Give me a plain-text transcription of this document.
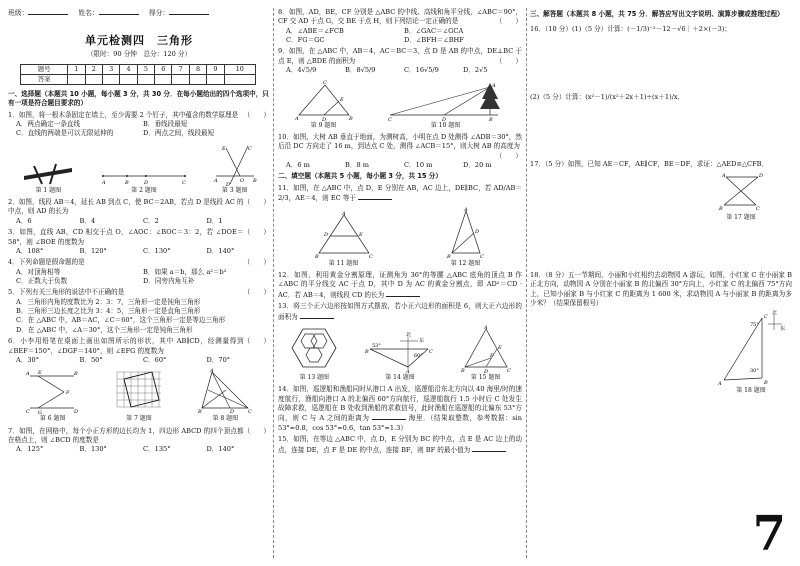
班级：	姓名：	得分：
单元检测四　三角形
（限时：90 分钟　总分：120 分）
题号	1	2	3	4	5	6	7	8	9	10
答案										
一、选择题（本题共 10 小题，每小题 3 分，共 30 分．在每小题给出的四个选项中，只有一项是符合题目要求的）
（　　）
1．如图，将一根木条固定在墙上，至少需要 2 个钉子，其中蕴含的数学原理是
A．两点确定一条直线	B．垂线段最短
C．直线的两端是可以无限延伸的	D．两点之间，线段最短
第 1 题图
A	B	D	C
第 2 题图
E	C
A	O B
D
第 3 题图
（　　）
2．如图，线段 AB＝4，延长 AB 到点 C，使 BC＝2AB，若点 D 是线段 AC 的中点，则 AD 的长为
A．6	B．4	C．2	D．1
（　　）
3．如图，直线 AB，CD 相交于点 O，∠AOC：∠BOC＝3：2，若 ∠DOE＝58°，则 ∠BOE 的度数为
A．108°	B．120°	C．130°	D．140°
（　　）
4．下列命题是假命题的是
A．对顶角相等	B．如果 a＝b，那么 a²＝b²
C．正数大于负数	D．同旁内角互补
（　　）
5．下列有关三角形的说法中不正确的是
A．三角形内角的度数比为 2：3：7，三角形一定是钝角三角形
B．三角形三边长度之比为 3：4：5，三角形一定是直角三角形
C．在 △ABC 中，AB＝AC，∠C＝60°，这个三角形一定是等边三角形
D．在 △ABC 中，∠A＝30°，这个三角形一定是钝角三角形
（　　）
6．小李用铅笔在桌面上画出如图所示的形状，其中 AB∥CD，经测量得到 ∠BEF＝150°，∠DGF＝140°，则 ∠EFG 的度数为
A．30°	B．50°	C．60°	D．70°
A	B
E
F
G
C	D
第 6 题图	第 7 题图
A
B	D	C
第 8 题图
（　　）
7．如图，在网格中，每个小正方形的边长均为 1，四边形 ABCD 的四个顶点都在格点上，则 ∠BCD 的度数是
A．125°	B．130°	C．135°	D．140°
8．如图，AD，BE，CF 分别是 △ABC 的中线、高线和角平分线，∠ABC＝90°，CF 交 AD 于点 G，交 BE 于点 H，则下列结论一定正确的是	（　　）
A．∠ABE＝∠FCB	B．∠GAC＝∠GCA
C．FG＝GC	D．∠BFH＝∠BHF
9．如图，在 △ABC 中，AB＝4，AC＝BC＝3，点 D 是 AB 的中点，DE⊥BC 于点 E，则 △BDE 的面积为	（　　）
A．4√5/9	B．8√5/9	C．16√5/9	D．2√5
C
A	D	B
E
第 9 题图
A
C	D	B
第 10 题图
10．如图，大树 AB 垂直于地面，为测树高，小明在点 D 处测得 ∠ADB＝30°，然后沿 DC 方向走了 16 m，到达点 C 处，测得 ∠ACB＝15°，则大树 AB 的高度为
（　　）
A．6 m	B．8 m	C．10 m	D．20 m
二、填空题（本题共 5 小题，每小题 3 分，共 15 分）
11．如图，在 △ABC 中，点 D，E 分别在 AB，AC 边上，DE∥BC，若 AD/AB＝2/3，AE＝4，则 EC 等于
A
D	E
B	C
第 11 题图
A
D
B	C
第 12 题图
12．如图，利用黄金分割原理，证测角为 36°的等腰 △ABC 底角的顶点 B 作 ∠ABC 的平分线交 AC 于点 D，其中 D 为 AC 的黄金分割点，即 AD²＝CD · AC．若 AB＝4，则线段 CD 的长为
13．将三个正六边形按如图方式摆放，若小正六边形的面积是 6，则大正六边形的面积为
第 13 题图
北
东
53°
60°
B	C
A
第 14 题图
A
E
F
B	D	C
第 15 题图
14．如图，巡逻船和渔船同时从港口 A 出发，巡逻船沿东北方向以 40 海里/时的速度航行，渔船向港口 A 的北偏西 60°方向航行，巡逻船航行 1.5 小时后 C 处发生故障求救，巡逻船在 B 处收到渔船的求救信号，此时渔船在巡逻船的北偏东 53°方向，则 C 与 A 之间的距离为	海里．（结果取整数，参考数据：sin 53°≈0.8，cos 53°≈0.6，tan 53°≈1.3）
15．如图，在等边 △ABC 中，点 D，E 分别为 BC 的中点，点 E 是 AC 边上的动点，连接 DE，点 F 是 DE 的中点，连接 BF，则 BF 的最小值为
三、解答题（本题共 8 小题，共 75 分．解答应写出文字说明、演算步骤或推理过程）
16．（10 分）(1)（5 分）计算：(－1/3)⁻²－12－√6｜＋2×(－3)；
(2)（5 分）计算：(x²－1)/(x²＋2x＋1)÷(x＋1)/x．
17．（5 分）如图，已知 AE＝CF，AE∥CF，BE＝DF，求证：△AED≌△CFB．
A	D
B	C
第 17 题图
18．（8 分）五一节期间，小丽和小红相约去动物园 A 游玩，如图，小红家 C 在小丽家 B 正北方向，动物园 A 分别在小丽家 B 的北偏西 30°方向上，小红家 C 的北偏西 75°方向上，已知小丽家 B 与小红家 C 的距离为 1 600 米，求动物园 A 与小丽家 B 的距离为多少米？（结果保留根号）
北
东
75°
30°
C
A	B
第 18 题图
7
